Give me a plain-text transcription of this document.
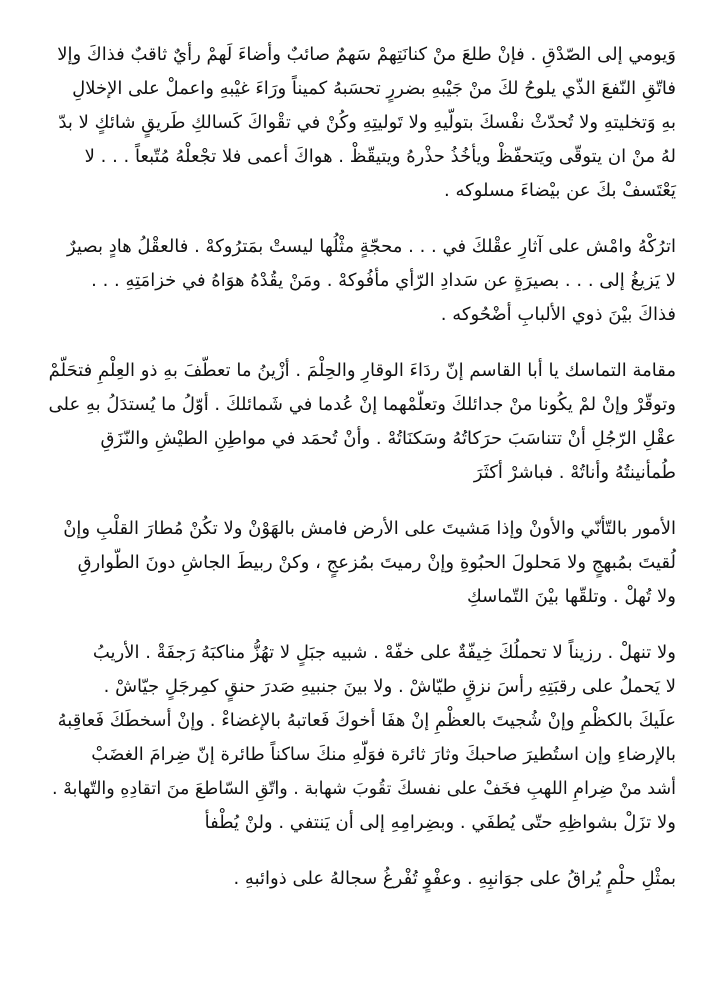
وَيومي إلى الصّدْقِ . فإنْ طلعَ منْ كنانَتِهمْ سَهمٌ صائبٌ وأضاءَ لَهمْ رأيٌ ثاقبٌ فذاكَ وإلا
فاتّقِ النّفعَ الذّي يلوحُ لكَ منْ جَيْبهِ بضررٍ تحسَبهُ كميناً ورَاءَ غيْبهِ واعملْ على الإخلالِ
بهِ وَتخليتهِ ولا تُحدّثْ نفْسكَ بتولّيهِ ولا تَوليتِهِ وكُنْ في تقْواكَ كَسالكِ طَريقٍ شائكٍ لا بدّ
لهُ منْ ان يتوقّى ويَتحفّظْ ويأخُذُ حذْرهُ ويتيقّظْ . هواكَ أعمى فلا تجْعلْهُ مُتّبعاً . . . لا
يَعْتَسفْ بكَ عن بيْضاءَ مسلوكه .
اترُكْهُ وامْش على آثارِ عقْلكَ في . . . محجّةٍ مثْلُها ليستْ بمَترُوكهْ . فالعقْلُ هادٍ بصيرٌ
لا يَزيغُ إلى . . . بصيرَةٍ عن سَدادِ الرّأي مأفُوكهْ . ومَنْ يقُدْهُ هوَاهُ في خزامَتِهِ . . .
فذاكَ بيْنَ ذوي الألبابِ أضْحُوكه .
مقامة التماسك يا أبا القاسم إنّ ردَاءَ الوقارِ والحِلْمَ . أزْينُ ما تعطّفَ بهِ ذو العِلْمِ فتحَلّمْ
وتوقّرْ وإنْ لمْ يكُونا منْ جدائلكَ وتعلّمْهما إنْ عُدما في شَمائلكَ . أوّلُ ما يُستدَلُ بهِ على
عقْلِ الرّجُلِ أنْ تتناسَبَ حرَكاتُهُ وسَكنَاتُهْ . وأنْ تُحمَد في مواطِنِ الطيْشِ والنّزَقِ
طُمأنينتُهُ وأناتُهْ . فباشرْ أكثَرَ
الأمور بالتّأنّي والأونْ وإذا مَشيتَ على الأرض فامش بالهَوْنْ ولا تكُنْ مُطارَ القلْبِ وإنْ
لُقيتَ بمُبهجٍ ولا مَحلولَ الحبُوةِ وإنْ رميتَ بمُزعجٍ ، وكنْ ربيطَ الجاشِ دونَ الطّوارقِ
ولا تُهلْ . وتلقّها بيْنَ التّماسكِ
ولا تنهلْ . رزيناً لا تحملُكَ خِيفّةٌ على خفّهْ . شبيه جبَلٍ لا تهُزُّ مناكبَهُ رَجفَةْ . الأريبُ
لا يَحملُ على رقبَتِهِ رأسَ نزقٍ طيّاشْ . ولا بينَ جنبيهِ صَدرَ حنقٍ كمِرجَلٍ جيّاشْ .
علَيكَ بالكظْمِ وإنْ شُجيتَ بالعظْمِ إنْ هفَا أخوكَ فَعاتبهُ بالإغضاءْ . وإنْ أسخطَكَ فَعاقِبهُ
بالإرضاءِ وإن استُطيرَ صاحبكَ وثارَ ثائرة فوَلّهِ منكَ ساكناً طائرة إنّ ضِرامَ الغضَبْ
أشد منْ ضِرامِ اللهبِ فخَفْ على نفسكَ تقُوبَ شهابة . واتّقِ السّاطعَ منَ اتقادِهِ والتّهابهْ .
ولا تزَلْ بشواظِهِ حتّى يُطفَي . وبضِرامِهِ إلى أن يَنتفي . ولنْ يُطْفأ
بمثْلِ حلْمٍ يُراقُ على جوَانبِهِ . وعفْوٍ تُفْرغُ سجالهُ على ذوائبهِ .
